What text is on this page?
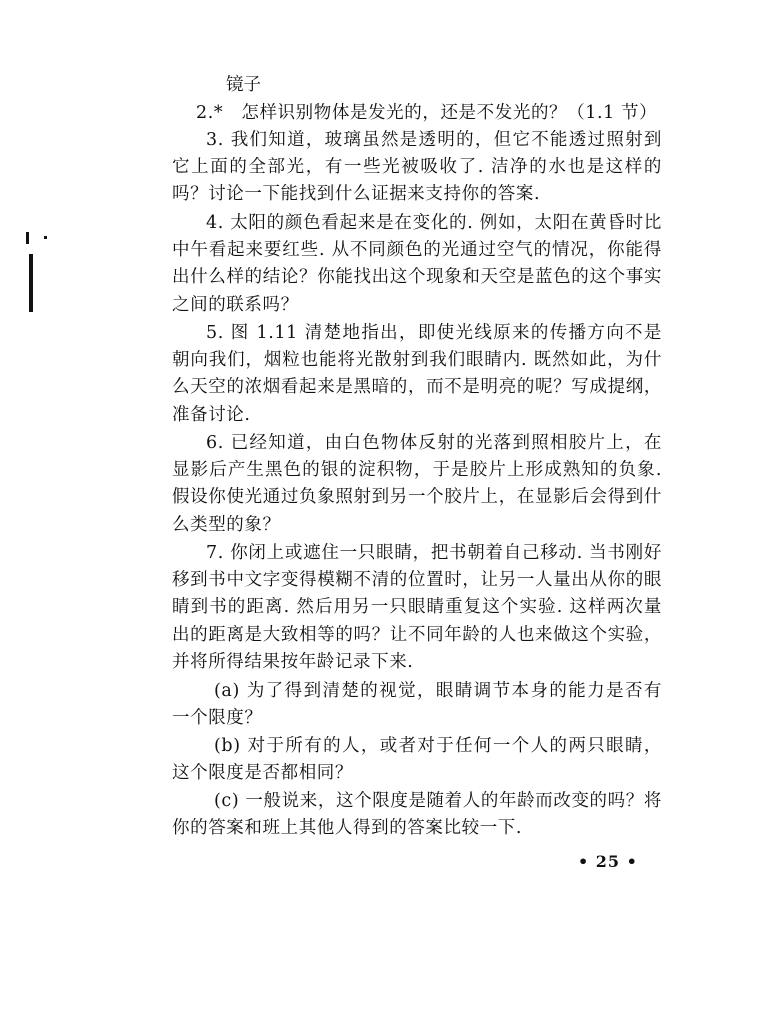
镜子

2.*　怎样识别物体是发光的，还是不发光的？（1.1 节）

3. 我们知道，玻璃虽然是透明的，但它不能透过照射到它上面的全部光，有一些光被吸收了. 洁净的水也是这样的吗？讨论一下能找到什么证据来支持你的答案.

4. 太阳的颜色看起来是在变化的. 例如，太阳在黄昏时比中午看起来要红些. 从不同颜色的光通过空气的情况，你能得出什么样的结论？你能找出这个现象和天空是蓝色的这个事实之间的联系吗？

5. 图 1.11 清楚地指出，即使光线原来的传播方向不是朝向我们，烟粒也能将光散射到我们眼睛内. 既然如此，为什么天空的浓烟看起来是黑暗的，而不是明亮的呢？写成提纲，准备讨论.

6. 已经知道，由白色物体反射的光落到照相胶片上，在显影后产生黑色的银的淀积物，于是胶片上形成熟知的负象. 假设你使光通过负象照射到另一个胶片上，在显影后会得到什么类型的象？

7. 你闭上或遮住一只眼睛，把书朝着自己移动. 当书刚好移到书中文字变得模糊不清的位置时，让另一人量出从你的眼睛到书的距离. 然后用另一只眼睛重复这个实验. 这样两次量出的距离是大致相等的吗？让不同年龄的人也来做这个实验，并将所得结果按年龄记录下来.

(a) 为了得到清楚的视觉，眼睛调节本身的能力是否有一个限度？

(b) 对于所有的人，或者对于任何一个人的两只眼睛，这个限度是否都相同？

(c) 一般说来，这个限度是随着人的年龄而改变的吗？将你的答案和班上其他人得到的答案比较一下.

• 25 •
